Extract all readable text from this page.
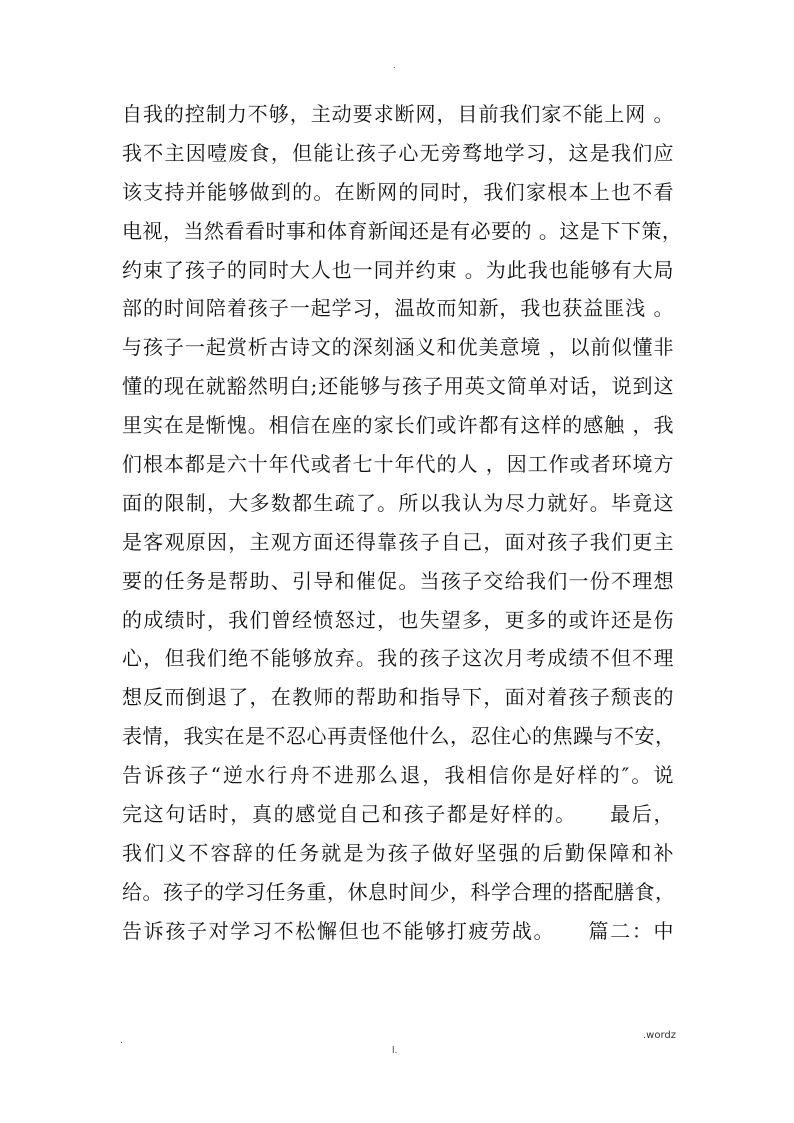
.
自我的控制力不够，主动要求断网，目前我们家不能上网 。
我不主因噎废食，但能让孩子心无旁骛地学习，这是我们应
该支持并能够做到的。在断网的同时，我们家根本上也不看
电视，当然看看时事和体育新闻还是有必要的 。这是下下策，
约束了孩子的同时大人也一同并约束 。为此我也能够有大局
部的时间陪着孩子一起学习，温故而知新，我也获益匪浅 。
与孩子一起赏析古诗文的深刻涵义和优美意境 ，以前似懂非
懂的现在就豁然明白;还能够与孩子用英文简单对话，说到这
里实在是惭愧。相信在座的家长们或许都有这样的感触 ，我
们根本都是六十年代或者七十年代的人 ，因工作或者环境方
面的限制，大多数都生疏了。所以我认为尽力就好。毕竟这
是客观原因，主观方面还得靠孩子自己，面对孩子我们更主
要的任务是帮助、引导和催促。当孩子交给我们一份不理想
的成绩时，我们曾经愤怒过，也失望多，更多的或许还是伤
心，但我们绝不能够放弃。我的孩子这次月考成绩不但不理
想反而倒退了，在教师的帮助和指导下，面对着孩子颓丧的
表情，我实在是不忍心再责怪他什么，忍住心的焦躁与不安，
告诉孩子“逆水行舟不进那么退，我相信你是好样的″。说
完这句话时，真的感觉自己和孩子都是好样的。　　最后，
我们义不容辞的任务就是为孩子做好坚强的后勤保障和补
给。孩子的学习任务重，休息时间少，科学合理的搭配膳食，
告诉孩子对学习不松懈但也不能够打疲劳战。　　篇二：中
.	.wordz
l.
